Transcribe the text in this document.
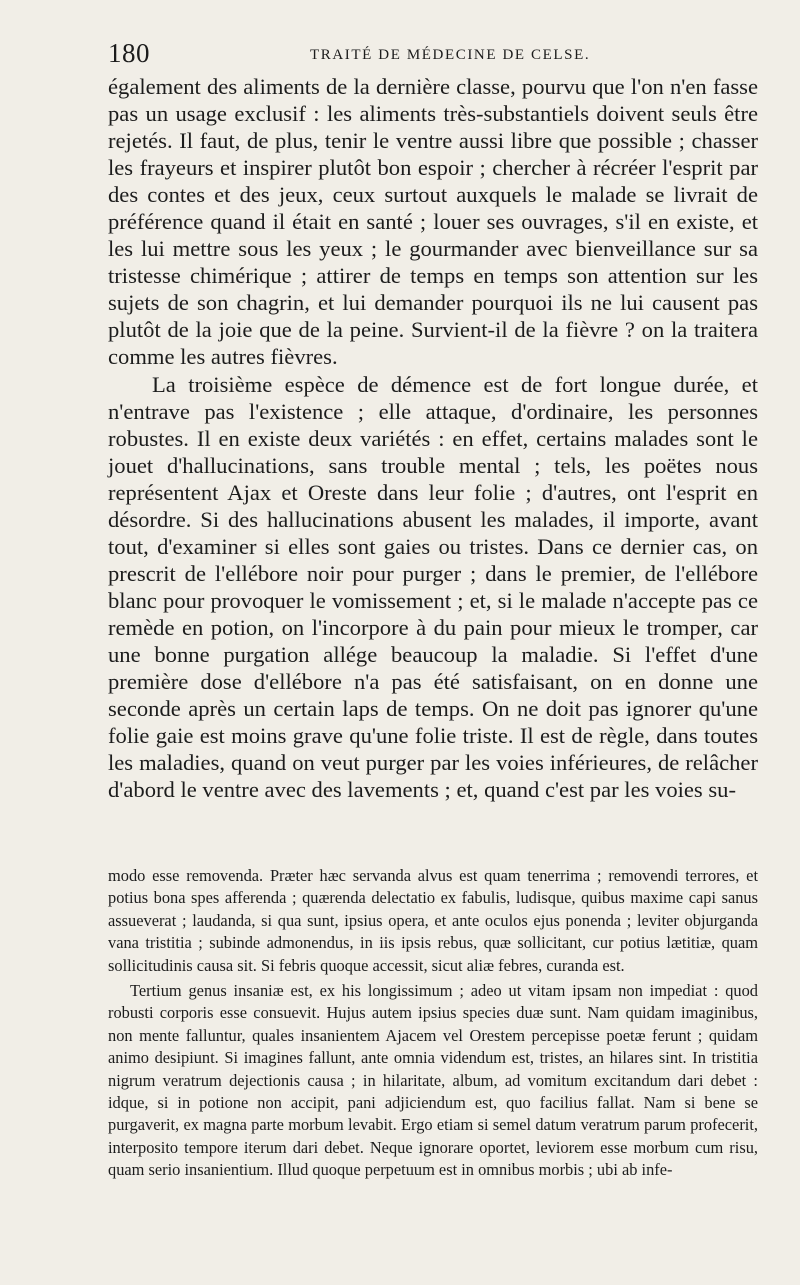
180	TRAITÉ DE MÉDECINE DE CELSE.

également des aliments de la dernière classe, pourvu que l'on n'en fasse pas un usage exclusif : les aliments très-substantiels doivent seuls être rejetés. Il faut, de plus, tenir le ventre aussi libre que possible ; chasser les frayeurs et inspirer plutôt bon espoir ; chercher à récréer l'esprit par des contes et des jeux, ceux surtout auxquels le malade se livrait de préférence quand il était en santé ; louer ses ouvrages, s'il en existe, et les lui mettre sous les yeux ; le gourmander avec bienveillance sur sa tristesse chimérique ; attirer de temps en temps son attention sur les sujets de son chagrin, et lui demander pourquoi ils ne lui causent pas plutôt de la joie que de la peine. Survient-il de la fièvre ? on la traitera comme les autres fièvres.

La troisième espèce de démence est de fort longue durée, et n'entrave pas l'existence ; elle attaque, d'ordinaire, les personnes robustes. Il en existe deux variétés : en effet, certains malades sont le jouet d'hallucinations, sans trouble mental ; tels, les poëtes nous représentent Ajax et Oreste dans leur folie ; d'autres, ont l'esprit en désordre. Si des hallucinations abusent les malades, il importe, avant tout, d'examiner si elles sont gaies ou tristes. Dans ce dernier cas, on prescrit de l'ellébore noir pour purger ; dans le premier, de l'ellébore blanc pour provoquer le vomissement ; et, si le malade n'accepte pas ce remède en potion, on l'incorpore à du pain pour mieux le tromper, car une bonne purgation allége beaucoup la maladie. Si l'effet d'une première dose d'ellébore n'a pas été satisfaisant, on en donne une seconde après un certain laps de temps. On ne doit pas ignorer qu'une folie gaie est moins grave qu'une folie triste. Il est de règle, dans toutes les maladies, quand on veut purger par les voies inférieures, de relâcher d'abord le ventre avec des lavements ; et, quand c'est par les voies su-

modo esse removenda. Præter hæc servanda alvus est quam tenerrima ; removendi terrores, et potius bona spes afferenda ; quærenda delectatio ex fabulis, ludisque, quibus maxime capi sanus assueverat ; laudanda, si qua sunt, ipsius opera, et ante oculos ejus ponenda ; leviter objurganda vana tristitia ; subinde admonendus, in iis ipsis rebus, quæ sollicitant, cur potius lætitiæ, quam sollicitudinis causa sit. Si febris quoque accessit, sicut aliæ febres, curanda est.

Tertium genus insaniæ est, ex his longissimum ; adeo ut vitam ipsam non impediat : quod robusti corporis esse consuevit. Hujus autem ipsius species duæ sunt. Nam quidam imaginibus, non mente falluntur, quales insanientem Ajacem vel Orestem percepisse poetæ ferunt ; quidam animo desipiunt. Si imagines fallunt, ante omnia videndum est, tristes, an hilares sint. In tristitia nigrum veratrum dejectionis causa ; in hilaritate, album, ad vomitum excitandum dari debet : idque, si in potione non accipit, pani adjiciendum est, quo facilius fallat. Nam si bene se purgaverit, ex magna parte morbum levabit. Ergo etiam si semel datum veratrum parum profecerit, interposito tempore iterum dari debet. Neque ignorare oportet, leviorem esse morbum cum risu, quam serio insanientium. Illud quoque perpetuum est in omnibus morbis ; ubi ab infe-
